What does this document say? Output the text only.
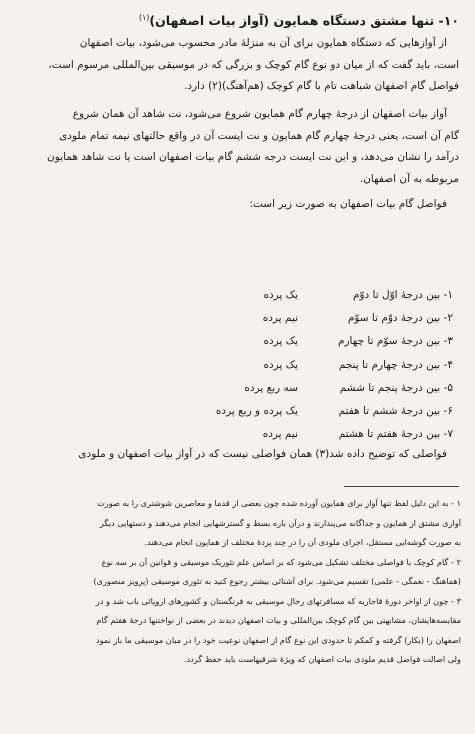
۱۰- تنها مشتق دستگاه همایون (آواز بیات اصفهان)$^{(۱)}$
از آوازهایی که دستگاه همایون برای آن به منزلهٔ مادر محسوب می‌شود، بیات اصفهان
است، باید گفت که از میان دو نوع گام کوچک و بزرگی که در موسیقی بین‌المللی مرسوم است،
فواصل گام اصفهان شباهت تام با گام کوچک (هم‌آهنگ)(۲) دارد.
آواز بیات اصفهان از درجهٔ چهارم گام همایون شروع می‌شود، نت شاهد آن همان شروع
گام آن است، یعنی درجهٔ چهارم گام همایون و نت ایست آن در واقع حالتهای نیمه تمام ملودی
درآمد را نشان می‌دهد، و این نت ایست درجه ششم گام بیات اصفهان است یا نت شاهد همایون
مربوطه به آن اصفهان.
فواصل گام بیات اصفهان به صورت زیر است:
۱- بین درجهٔ اوّل تا دوّم
یک پرده
۲- بین درجهٔ دوّم تا سوّم
نیم پرده
۳- بین درجهٔ سوّم تا چهارم
یک پرده
۴- بین درجهٔ چهارم تا پنجم
یک پرده
۵- بین درجهٔ پنجم تا ششم
سه ربع پرده
۶- بین درجهٔ ششم تا هفتم
یک پرده و ربع پرده
۷- بین درجهٔ هفتم تا هشتم
نیم پرده
فواصلی که توضیح داده شد(۳) همان فواصلی نیست که در آواز بیات اصفهان و ملودی
۱ - به این دلیل لفظ تنها آواز برای همایون آورده شده چون بعضی از قدما و معاصرین شوشتری را به صورت
آوازی مشتق از همایون و جداگانه می‌پندارند و درآن باره بسط و گسترشهایی انجام می‌دهند و دستهایی دیگر
به صورت گوشه‌ایی مستقل، اجرای ملودی آن را در چند پردهٔ مختلف از همایون انجام می‌دهند.
۲ - گام کوچک با فواصلی مختلف تشکیل می‌شود که بر اساس علم تئوریک موسیقی و قوانین آن بر سه نوع
(هماهنگ - نغمگی - علمی) تقسیم می‌شود. برای آشنائی بیشتر رجوع کنید به تئوری موسیقی (پرویز منصوری)
۳ - چون از اواخر دورهٔ قاجاریه که مسافرتهای رجال موسیقی به فرنگستان و کشورهای اروپائی باب شد و در
مقایسه‌هایشان، مشابهتی بین گام کوچک بین‌المللی و بیات اصفهان دیدند در بعضی از نواختنها درجهٔ هفتم گام
اصفهان را (بکار) گرفته و کمکم تا حدودی این نوع گام از اصفهان نوعیت خود را در میان موسیقی ما باز نمود
ولی اصالت فواصل قدیم ملودی بیات اصفهان که ویژهٔ شرقیهاست باید حفظ گردد.
